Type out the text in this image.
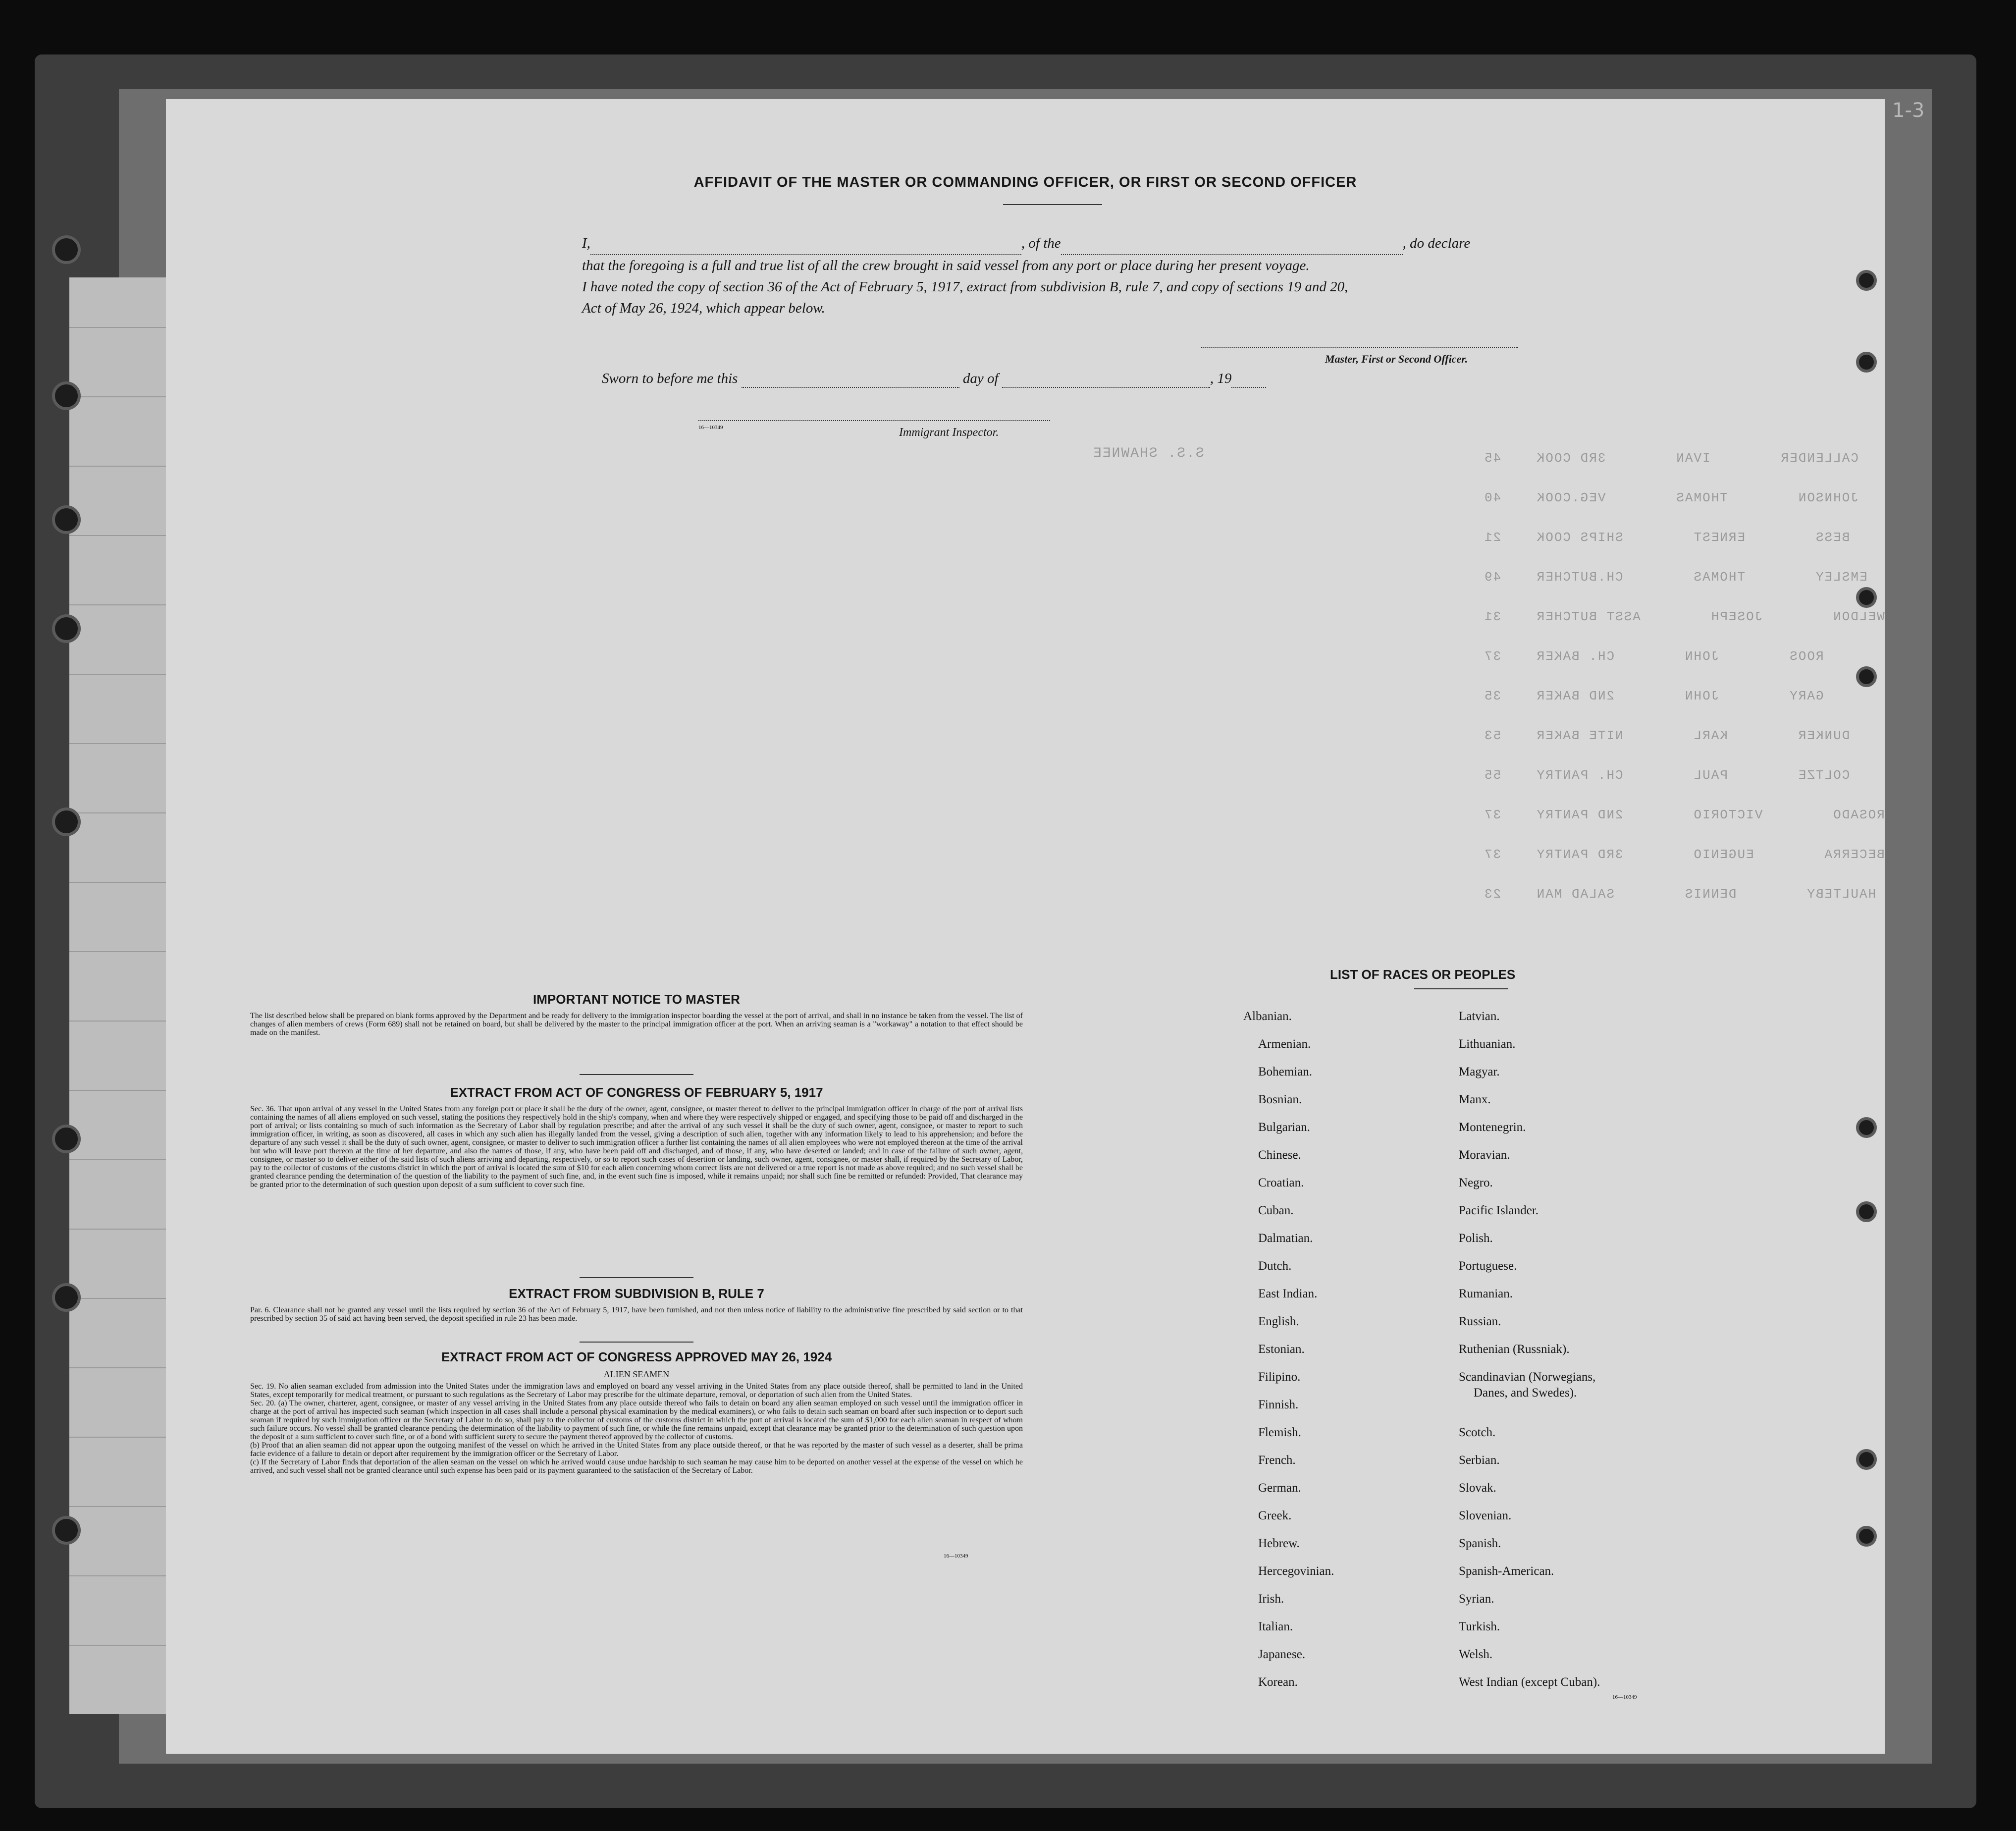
S.S. SHAWNEE	CALLENDER        IVAN        3RD COOK    45
JOHNSON        THOMAS        VEG.COOK    40
BESS        ERNEST        SHIPS COOK    21
EMSLEY        THOMAS        CH.BUTCHER    49
WELDON        JOSEPH        ASST BUTCHER    31
ROOS        JOHN        CH. BAKER    37
GARY        JOHN        2ND BAKER    35
DUNKER        KARL        NITE BAKER    53
COLTZE        PAUL        CH. PANTRY    55
ROSADO        VICTORIO        2ND PANTRY    37
BECERRA        EUGENIO        3RD PANTRY    37
HAULTEBY        DENNIS        SALAD MAN    23
AFFIDAVIT OF THE MASTER OR COMMANDING OFFICER, OR FIRST OR SECOND OFFICER
I,	, of the	, do declare
that the foregoing is a full and true list of all the crew brought in said vessel from any port or place during her present voyage.
I have noted the copy of section 36 of the Act of February 5, 1917, extract from subdivision B, rule 7, and copy of sections 19 and 20,
Act of May 26, 1924, which appear below.
Master, First or Second Officer.
Sworn to before me this	day of	, 19
16—10349	Immigrant Inspector.
IMPORTANT NOTICE TO MASTER
The list described below shall be prepared on blank forms approved by the Department and be ready for delivery to the immigration inspector boarding the vessel at the port of arrival, and shall in no instance be taken from the vessel. The list of changes of alien members of crews (Form 689) shall not be retained on board, but shall be delivered by the master to the principal immigration officer at the port. When an arriving seaman is a "workaway" a notation to that effect should be made on the manifest.
EXTRACT FROM ACT OF CONGRESS OF FEBRUARY 5, 1917
Sec. 36. That upon arrival of any vessel in the United States from any foreign port or place it shall be the duty of the owner, agent, consignee, or master thereof to deliver to the principal immigration officer in charge of the port of arrival lists containing the names of all aliens employed on such vessel, stating the positions they respectively hold in the ship's company, when and where they were respectively shipped or engaged, and specifying those to be paid off and discharged in the port of arrival; or lists containing so much of such information as the Secretary of Labor shall by regulation prescribe; and after the arrival of any such vessel it shall be the duty of such owner, agent, consignee, or master to report to such immigration officer, in writing, as soon as discovered, all cases in which any such alien has illegally landed from the vessel, giving a description of such alien, together with any information likely to lead to his apprehension; and before the departure of any such vessel it shall be the duty of such owner, agent, consignee, or master to deliver to such immigration officer a further list containing the names of all alien employees who were not employed thereon at the time of the arrival but who will leave port thereon at the time of her departure, and also the names of those, if any, who have been paid off and discharged, and of those, if any, who have deserted or landed; and in case of the failure of such owner, agent, consignee, or master so to deliver either of the said lists of such aliens arriving and departing, respectively, or so to report such cases of desertion or landing, such owner, agent, consignee, or master shall, if required by the Secretary of Labor, pay to the collector of customs of the customs district in which the port of arrival is located the sum of $10 for each alien concerning whom correct lists are not delivered or a true report is not made as above required; and no such vessel shall be granted clearance pending the determination of the question of the liability to the payment of such fine, and, in the event such fine is imposed, while it remains unpaid; nor shall such fine be remitted or refunded: Provided, That clearance may be granted prior to the determination of such question upon deposit of a sum sufficient to cover such fine.
EXTRACT FROM SUBDIVISION B, RULE 7
Par. 6. Clearance shall not be granted any vessel until the lists required by section 36 of the Act of February 5, 1917, have been furnished, and not then unless notice of liability to the administrative fine prescribed by said section or to that prescribed by section 35 of said act having been served, the deposit specified in rule 23 has been made.
EXTRACT FROM ACT OF CONGRESS APPROVED MAY 26, 1924
ALIEN SEAMEN
Sec. 19. No alien seaman excluded from admission into the United States under the immigration laws and employed on board any vessel arriving in the United States from any place outside thereof, shall be permitted to land in the United States, except temporarily for medical treatment, or pursuant to such regulations as the Secretary of Labor may prescribe for the ultimate departure, removal, or deportation of such alien from the United States.
Sec. 20. (a) The owner, charterer, agent, consignee, or master of any vessel arriving in the United States from any place outside thereof who fails to detain on board any alien seaman employed on such vessel until the immigration officer in charge at the port of arrival has inspected such seaman (which inspection in all cases shall include a personal physical examination by the medical examiners), or who fails to detain such seaman on board after such inspection or to deport such seaman if required by such immigration officer or the Secretary of Labor to do so, shall pay to the collector of customs of the customs district in which the port of arrival is located the sum of $1,000 for each alien seaman in respect of whom such failure occurs. No vessel shall be granted clearance pending the determination of the liability to payment of such fine, or while the fine remains unpaid, except that clearance may be granted prior to the determination of such question upon the deposit of a sum sufficient to cover such fine, or of a bond with sufficient surety to secure the payment thereof approved by the collector of customs.
(b) Proof that an alien seaman did not appear upon the outgoing manifest of the vessel on which he arrived in the United States from any place outside thereof, or that he was reported by the master of such vessel as a deserter, shall be prima facie evidence of a failure to detain or deport after requirement by the immigration officer or the Secretary of Labor.
(c) If the Secretary of Labor finds that deportation of the alien seaman on the vessel on which he arrived would cause undue hardship to such seaman he may cause him to be deported on another vessel at the expense of the vessel on which he arrived, and such vessel shall not be granted clearance until such expense has been paid or its payment guaranteed to the satisfaction of the Secretary of Labor.
16—10349
LIST OF RACES OR PEOPLES
Albanian.
Armenian.
Bohemian.
Bosnian.
Bulgarian.
Chinese.
Croatian.
Cuban.
Dalmatian.
Dutch.
East Indian.
English.
Estonian.
Filipino.
Finnish.
Flemish.
French.
German.
Greek.
Hebrew.
Hercegovinian.
Irish.
Italian.
Japanese.
Korean.
Latvian.
Lithuanian.
Magyar.
Manx.
Montenegrin.
Moravian.
Negro.
Pacific Islander.
Polish.
Portuguese.
Rumanian.
Russian.
Ruthenian (Russniak).
Scandinavian (Norwegians,
Danes, and Swedes).
Scotch.
Serbian.
Slovak.
Slovenian.
Spanish.
Spanish-American.
Syrian.
Turkish.
Welsh.
West Indian (except Cuban).
16—10349
1-3
